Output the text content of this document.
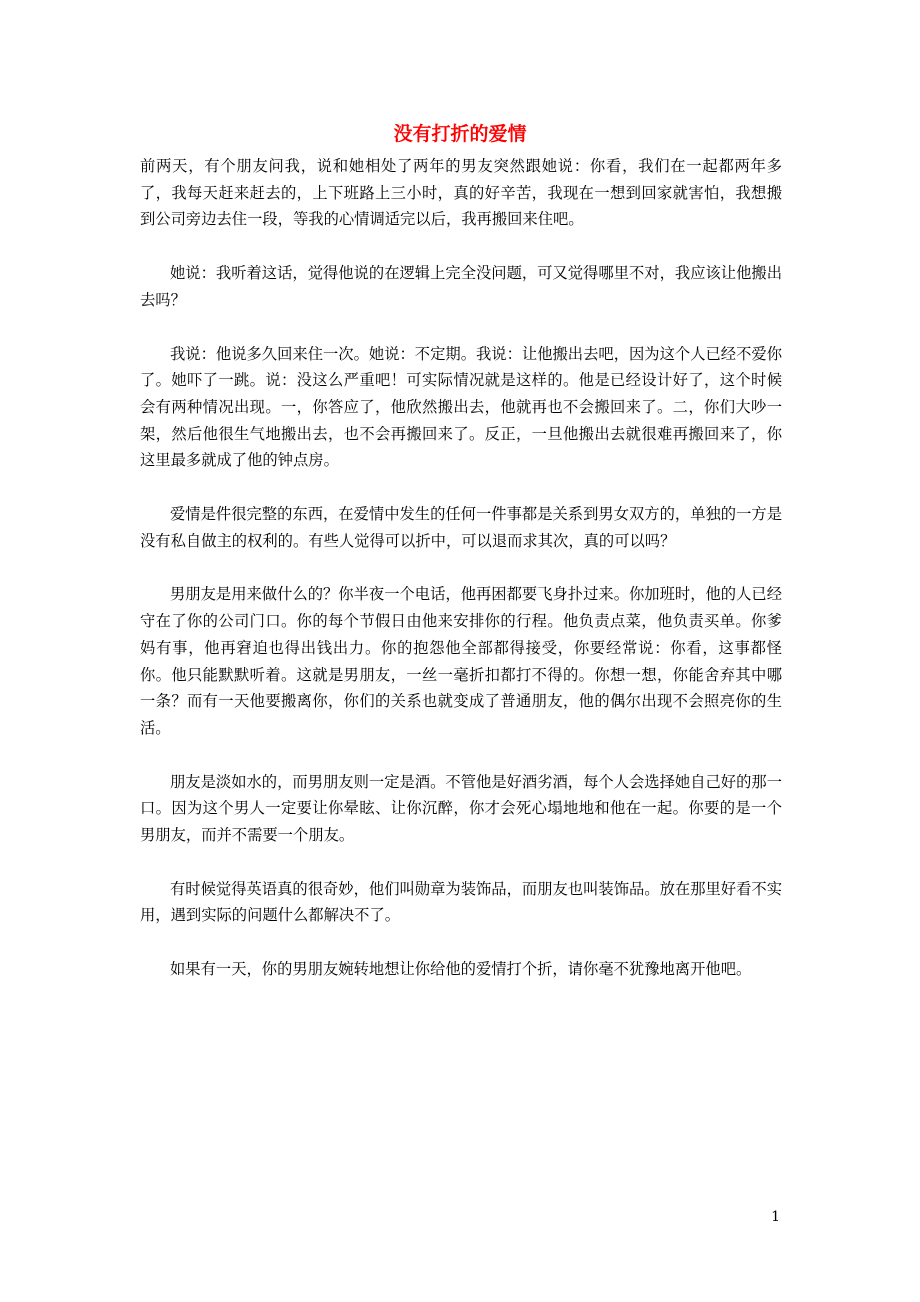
没有打折的爱情

前两天，有个朋友问我，说和她相处了两年的男友突然跟她说：你看，我们在一起都两年多了，我每天赶来赶去的，上下班路上三小时，真的好辛苦，我现在一想到回家就害怕，我想搬到公司旁边去住一段，等我的心情调适完以后，我再搬回来住吧。

她说：我听着这话，觉得他说的在逻辑上完全没问题，可又觉得哪里不对，我应该让他搬出去吗？

我说：他说多久回来住一次。她说：不定期。我说：让他搬出去吧，因为这个人已经不爱你了。她吓了一跳。说：没这么严重吧！可实际情况就是这样的。他是已经设计好了，这个时候会有两种情况出现。一，你答应了，他欣然搬出去，他就再也不会搬回来了。二，你们大吵一架，然后他很生气地搬出去，也不会再搬回来了。反正，一旦他搬出去就很难再搬回来了，你这里最多就成了他的钟点房。

爱情是件很完整的东西，在爱情中发生的任何一件事都是关系到男女双方的，单独的一方是没有私自做主的权利的。有些人觉得可以折中，可以退而求其次，真的可以吗？

男朋友是用来做什么的？你半夜一个电话，他再困都要飞身扑过来。你加班时，他的人已经守在了你的公司门口。你的每个节假日由他来安排你的行程。他负责点菜，他负责买单。你爹妈有事，他再窘迫也得出钱出力。你的抱怨他全部都得接受，你要经常说：你看，这事都怪你。他只能默默听着。这就是男朋友，一丝一毫折扣都打不得的。你想一想，你能舍弃其中哪一条？而有一天他要搬离你，你们的关系也就变成了普通朋友，他的偶尔出现不会照亮你的生活。

朋友是淡如水的，而男朋友则一定是酒。不管他是好酒劣酒，每个人会选择她自己好的那一口。因为这个男人一定要让你晕眩、让你沉醉，你才会死心塌地地和他在一起。你要的是一个男朋友，而并不需要一个朋友。

有时候觉得英语真的很奇妙，他们叫勋章为装饰品，而朋友也叫装饰品。放在那里好看不实用，遇到实际的问题什么都解决不了。

如果有一天，你的男朋友婉转地想让你给他的爱情打个折，请你毫不犹豫地离开他吧。

1
